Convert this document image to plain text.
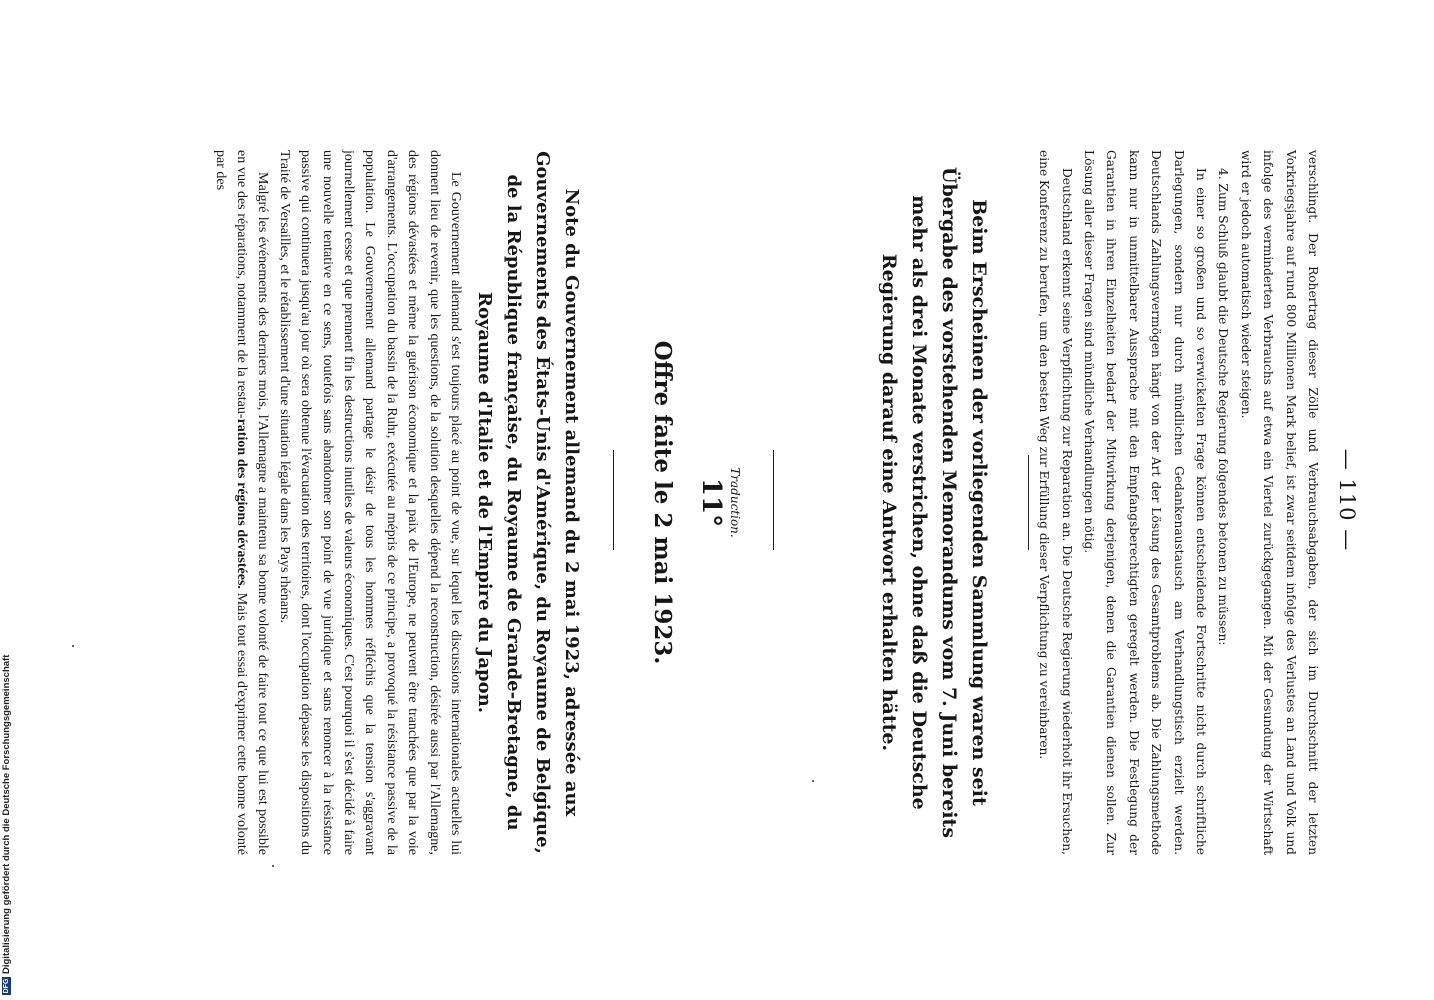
— 110 —

verschlingt. Der Rohertrag dieser Zölle und Verbrauchsabgaben, der sich im Durchschnitt der letzten Vorkriegsjahre auf rund 800 Millionen Mark belief, ist zwar seitdem infolge des Verlustes an Land und Volk und infolge des verminderten Verbrauchs auf etwa ein Viertel zurückgegangen. Mit der Gesundung der Wirtschaft wird er jedoch automatisch wieder steigen.

4. Zum Schluß glaubt die Deutsche Regierung folgendes betonen zu müssen:

In einer so großen und so verwickelten Frage können entscheidende Fortschritte nicht durch schriftliche Darlegungen, sondern nur durch mündlichen Gedankenaustausch am Verhandlungstisch erzielt werden. Deutschlands Zahlungsvermögen hängt von der Art der Lösung des Gesamtproblems ab. Die Zahlungsmethode kann nur in unmittelbarer Aussprache mit den Empfangsberechtigten geregelt werden. Die Festlegung der Garantien in ihren Einzelheiten bedarf der Mitwirkung derjenigen, denen die Garantien dienen sollen. Zur Lösung aller dieser Fragen sind mündliche Verhandlungen nötig.

Deutschland erkennt seine Verpflichtung zur Reparation an. Die Deutsche Regierung wiederholt ihr Ersuchen, eine Konferenz zu berufen, um den besten Weg zur Erfüllung dieser Verpflichtung zu vereinbaren.

Beim Erscheinen der vorliegenden Sammlung waren seit Übergabe des vorstehenden Memorandums vom 7. Juni bereits mehr als drei Monate verstrichen, ohne daß die Deutsche Regierung darauf eine Antwort erhalten hätte.
Traduction.
11°
Offre faite le 2 mai 1923.
Note du Gouvernement allemand du 2 mai 1923, adressée aux Gouvernements des États-Unis d'Amérique, du Royaume de Belgique, de la République française, du Royaume de Grande-Bretagne, du Royaume d'Italie et de l'Empire du Japon.

Le Gouvernement allemand s'est toujours placé au point de vue, sur lequel les discussions internationales actuelles lui donnent lieu de revenir, que les questions, de la solution desquelles dépend la reconstruction, désirée aussi par l'Allemagne, des régions dévastées et même la guérison économique et la paix de l'Europe, ne peuvent être tranchées que par la voie d'arrangements. L'occupation du bassin de la Ruhr, exécutée au mépris de ce principe, a provoqué la résistance passive de la population. Le Gouvernement allemand partage le désir de tous les hommes réfléchis que la tension s'aggravant journellement cesse et que prennent fin les destructions inutiles de valeurs économiques. C'est pourquoi il s'est décidé à faire une nouvelle tentative en ce sens, toutefois sans abandonner son point de vue juridique et sans renoncer à la résistance passive qui continuera jusqu'au jour où sera obtenue l'évacuation des territoires, dont l'occupation dépasse les dispositions du Traité de Versailles, et le rétablissement d'une situation légale dans les Pays rhénans.

Malgré les événements des derniers mois, l'Allemagne a maintenu sa bonne volonté de faire tout ce que lui est possible en vue des réparations, notamment de la restau-ration des régions dévastées. Mais tout essai d'exprimer cette bonne volonté par des

DFGDigitalisierung gefördert durch die Deutsche Forschungsgemeinschaft
